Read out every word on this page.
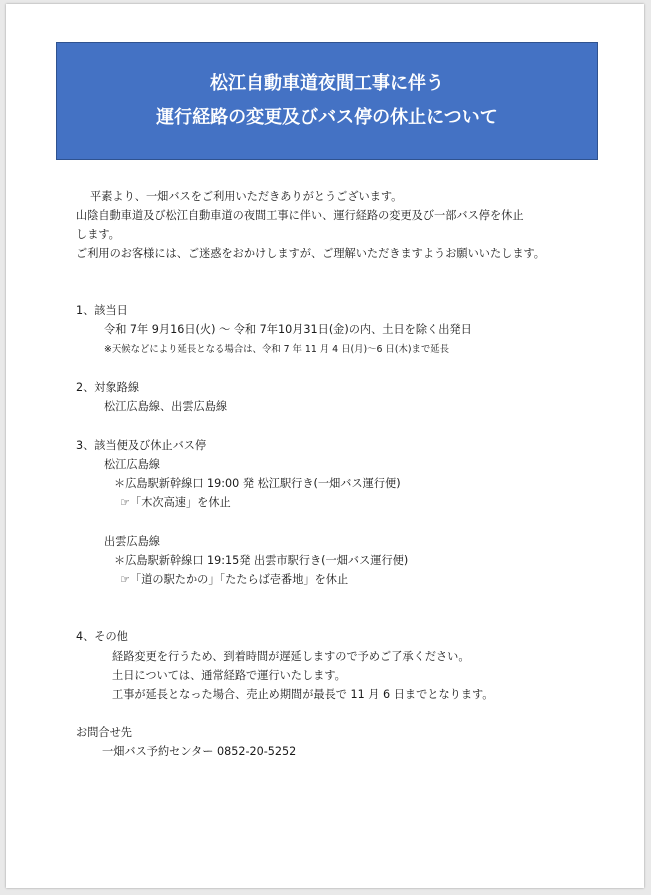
松江自動車道夜間工事に伴う
運行経路の変更及びバス停の休止について
平素より、一畑バスをご利用いただきありがとうございます。
山陰自動車道及び松江自動車道の夜間工事に伴い、運行経路の変更及び一部バス停を休止
します。
ご利用のお客様には、ご迷惑をおかけしますが、ご理解いただきますようお願いいたします。
1、該当日
令和 7年 9月16日(火) ～ 令和 7年10月31日(金)の内、土日を除く出発日
※天候などにより延長となる場合は、令和 7 年 11 月 4 日(月)～6 日(木)まで延長
2、対象路線
松江広島線、出雲広島線
3、該当便及び休止バス停
松江広島線
＊広島駅新幹線口 19:00 発 松江駅行き(一畑バス運行便)
☞「木次高速」を休止
出雲広島線
＊広島駅新幹線口 19:15発 出雲市駅行き(一畑バス運行便)
☞「道の駅たかの」「たたらば壱番地」を休止
4、その他
経路変更を行うため、到着時間が遅延しますので予めご了承ください。
土日については、通常経路で運行いたします。
工事が延長となった場合、売止め期間が最長で 11 月 6 日までとなります。
お問合せ先
一畑バス予約センター 0852-20-5252
